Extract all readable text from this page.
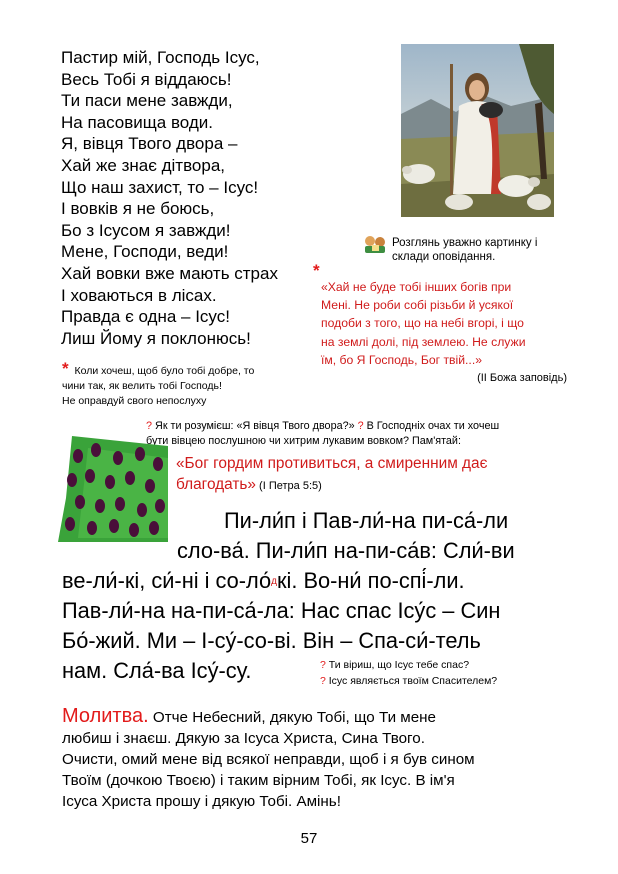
Пастир мій, Господь Ісус,
Весь Тобі я віддаюсь!
Ти паси мене завжди,
На пасовища води.
Я, вівця Твого двора –
Хай же знає дітвора,
Що наш захист, то – Ісус!
І вовків я не боюсь,
Бо з Ісусом я завжди!
Мене, Господи, веди!
Хай вовки вже мають страх
І ховаються в лісах.
Правда є одна – Ісус!
Лиш Йому я поклонюсь!
* Коли хочеш, щоб було тобі добре, то
чини так, як велить тобі Господь!
Не оправдуй свого непослуху
Розглянь уважно картинку і
склади оповідання.
*
«Хай не буде тобі інших богів при
Мені. Не роби собі різьби й усякої
подоби з того, що на небі вгорі, і що
на землі долі, під землею. Не служи
їм, бо Я Господь, Бог твій...»
(ІІ Божа заповідь)
? Як ти розумієш: «Я вівця Твого двора?» ? В Господніх очах ти хочеш
бути вівцею послушною чи хитрим лукавим вовком? Пам'ятай:
«Бог гордим противиться, а смиренним дає
благодать» (І Петра 5:5)
Пи-ли́п і Пав-ли́-на пи-са́-ли
сло-ва́. Пи-ли́п на-пи-са́в: Сли́-ви
ве-ли́-кі, си́-ні і со-ло́дкі. Во-ни́ по-спі́-ли.
Пав-ли́-на на-пи-са́-ла: Нас спас Ісу́с – Син
Бо́-жий. Ми – І-су́-со-ві. Він – Спа-си́-тель
нам. Сла́-ва Ісу́-су.	? Ти віриш, що Ісус тебе спас?
? Ісус являється твоїм Спасителем?
Молитва. Отче Небесний, дякую Тобі, що Ти мене
любиш і знаєш. Дякую за Ісуса Христа, Сина Твого.
Очисти, омий мене від всякої неправди, щоб і я був сином
Твоїм (дочкою Твоєю) і таким вірним Тобі, як Ісус. В ім'я
Ісуса Христа прошу і дякую Тобі. Амінь!
57
